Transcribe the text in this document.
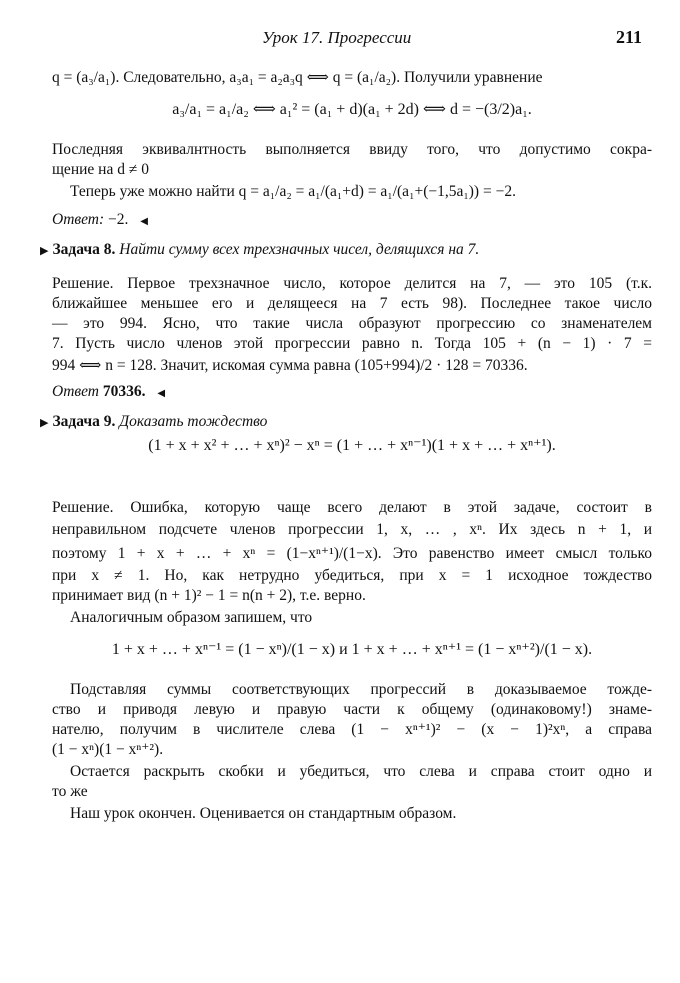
Урок 17. Прогрессии	211
q = (a₃/a₁). Следовательно, a₃a₁ = a₂a₃q ⟺ q = (a₁/a₂). Получили уравнение
a₃/a₁ = a₁/a₂ ⟺ a₁² = (a₁ + d)(a₁ + 2d) ⟺ d = −(3/2)a₁.
Последняя эквивалнтность выполняется ввиду того, что допустимо сокра-
щение на d ≠ 0
Теперь уже можно найти q = a₁/a₂ = a₁/(a₁+d) = a₁/(a₁+(−1,5a₁)) = −2.
Ответ: −2. ◀
▶ Задача 8. Найти сумму всех трехзначных чисел, делящихся на 7.
Решение. Первое трехзначное число, которое делится на 7, — это 105 (т.к.
ближайшее меньшее его и делящееся на 7 есть 98). Последнее такое число
— это 994. Ясно, что такие числа образуют прогрессию со знаменателем
7. Пусть число членов этой прогрессии равно n. Тогда 105 + (n − 1) · 7 =
994 ⟺ n = 128. Значит, искомая сумма равна (105+994)/2 · 128 = 70336.
Ответ 70336. ◀
▶ Задача 9. Доказать тождество
(1 + x + x² + … + xⁿ)² − xⁿ = (1 + … + xⁿ⁻¹)(1 + x + … + xⁿ⁺¹).
Решение. Ошибка, которую чаще всего делают в этой задаче, состоит в
неправильном подсчете членов прогрессии 1, x, … , xⁿ. Их здесь n + 1, и
поэтому 1 + x + … + xⁿ = (1−xⁿ⁺¹)/(1−x). Это равенство имеет смысл только
при x ≠ 1. Но, как нетрудно убедиться, при x = 1 исходное тождество
принимает вид (n + 1)² − 1 = n(n + 2), т.е. верно.
Аналогичным образом запишем, что
1 + x + … + xⁿ⁻¹ = (1 − xⁿ)/(1 − x) и 1 + x + … + xⁿ⁺¹ = (1 − xⁿ⁺²)/(1 − x).
Подставляя суммы соответствующих прогрессий в доказываемое тожде-
ство и приводя левую и правую части к общему (одинаковому!) знаме-
нателю, получим в числителе слева (1 − xⁿ⁺¹)² − (x − 1)²xⁿ, а справа
(1 − xⁿ)(1 − xⁿ⁺²).
Остается раскрыть скобки и убедиться, что слева и справа стоит одно и
то же
Наш урок окончен. Оценивается он стандартным образом.
